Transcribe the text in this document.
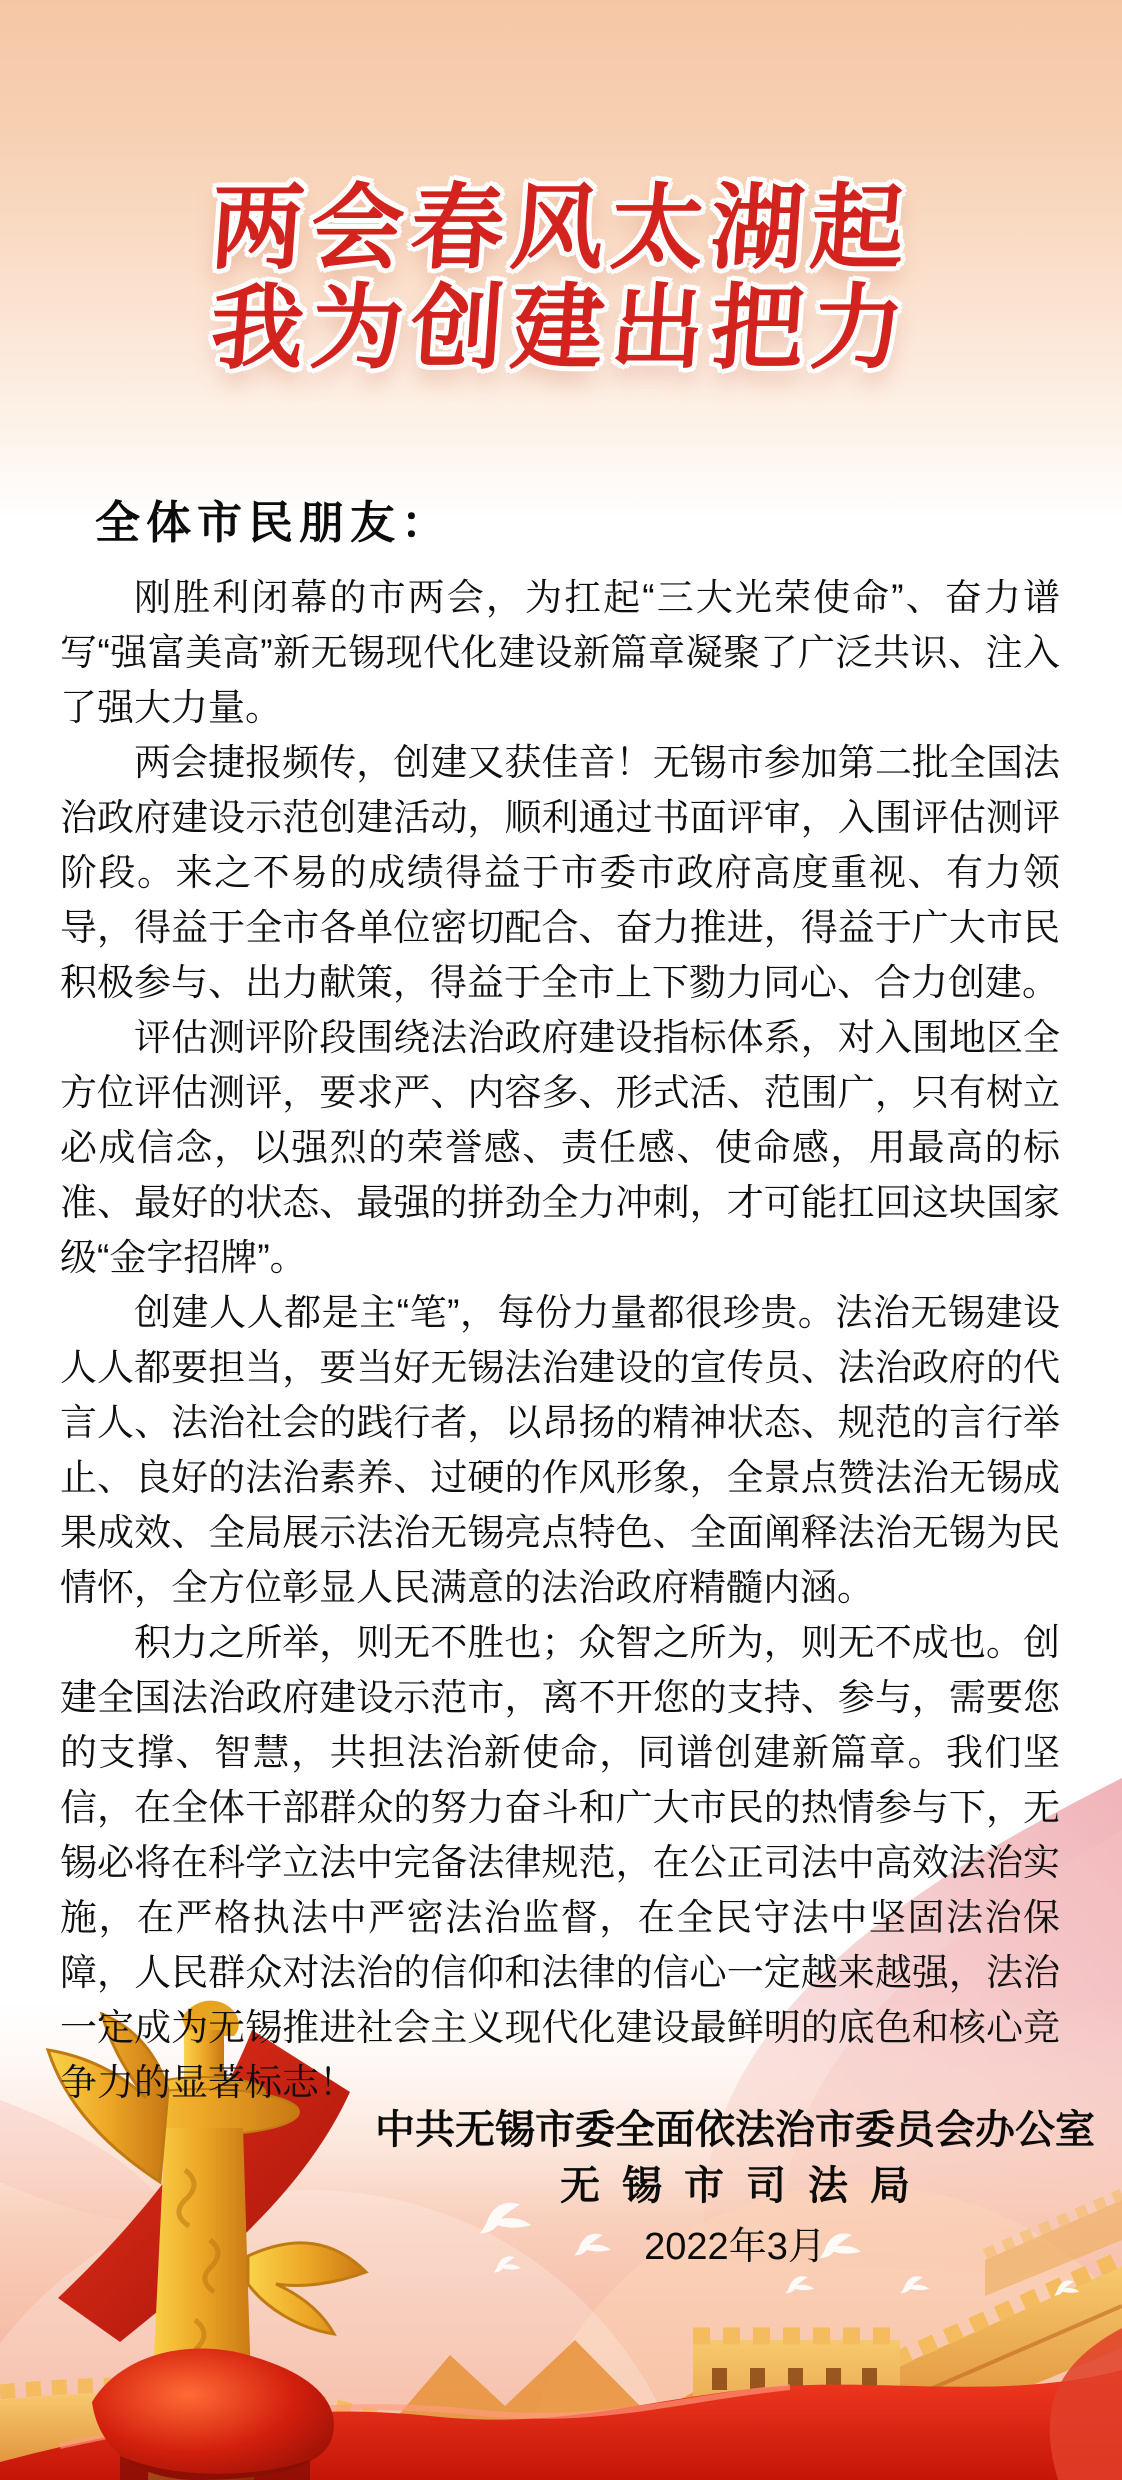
两会春风太湖起
我为创建出把力
全体市民朋友：

刚胜利闭幕的市两会，为扛起“三大光荣使命”、奋力谱写“强富美高”新无锡现代化建设新篇章凝聚了广泛共识、注入了强大力量。

两会捷报频传，创建又获佳音！无锡市参加第二批全国法治政府建设示范创建活动，顺利通过书面评审，入围评估测评阶段。来之不易的成绩得益于市委市政府高度重视、有力领导，得益于全市各单位密切配合、奋力推进，得益于广大市民积极参与、出力献策，得益于全市上下勠力同心、合力创建。

评估测评阶段围绕法治政府建设指标体系，对入围地区全方位评估测评，要求严、内容多、形式活、范围广，只有树立必成信念，以强烈的荣誉感、责任感、使命感，用最高的标准、最好的状态、最强的拼劲全力冲刺，才可能扛回这块国家级“金字招牌”。

创建人人都是主“笔”，每份力量都很珍贵。法治无锡建设人人都要担当，要当好无锡法治建设的宣传员、法治政府的代言人、法治社会的践行者，以昂扬的精神状态、规范的言行举止、良好的法治素养、过硬的作风形象，全景点赞法治无锡成果成效、全局展示法治无锡亮点特色、全面阐释法治无锡为民情怀，全方位彰显人民满意的法治政府精髓内涵。

积力之所举，则无不胜也；众智之所为，则无不成也。创建全国法治政府建设示范市，离不开您的支持、参与，需要您的支撑、智慧，共担法治新使命，同谱创建新篇章。我们坚信，在全体干部群众的努力奋斗和广大市民的热情参与下，无锡必将在科学立法中完备法律规范，在公正司法中高效法治实施，在严格执法中严密法治监督，在全民守法中坚固法治保障，人民群众对法治的信仰和法律的信心一定越来越强，法治一定成为无锡推进社会主义现代化建设最鲜明的底色和核心竞争力的显著标志！

中共无锡市委全面依法治市委员会办公室
无锡市司法局
2022年3月
